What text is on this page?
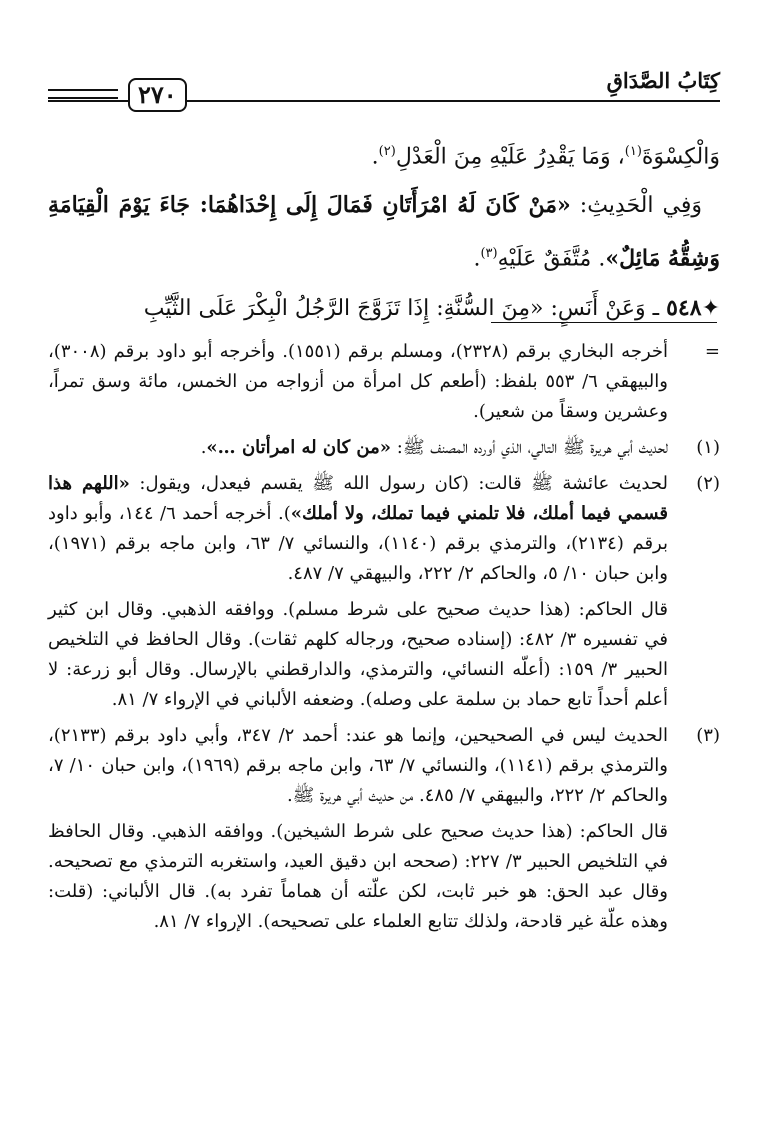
كِتَابُ الصَّدَاقِ
٢٧٠

وَالْكِسْوَةَ$^{(١)}$، وَمَا يَقْدِرُ عَلَيْهِ مِنَ الْعَدْلِ$^{(٢)}$.

وَفِي الْحَدِيثِ: «مَنْ كَانَ لَهُ امْرَأَتَانِ فَمَالَ إِلَى إِحْدَاهُمَا: جَاءَ يَوْمَ الْقِيَامَةِ وَشِقُّهُ مَائِلٌ». مُتَّفَقٌ عَلَيْهِ$^{(٣)}$.

✦٥٤٨ ـ وَعَنْ أَنَسٍ: «مِنَ السُّنَّةِ: إِذَا تَزَوَّجَ الرَّجُلُ الْبِكْرَ عَلَى الثَّيِّبِ

=

أخرجه البخاري برقم (٢٣٢٨)، ومسلم برقم (١٥٥١). وأخرجه أبو داود برقم (٣٠٠٨)، والبيهقي ٦/ ٥٥٣ بلفظ: (أطعم كل امرأة من أزواجه من الخمس، مائة وسق تمراً، وعشرين وسقاً من شعير).

(١)

لحديث أبي هريرة ﷺ التالي، الذي أورده المصنف ﷺ: «من كان له امرأتان …».

(٢)

لحديث عائشة ﷺ قالت: (كان رسول الله ﷺ يقسم فيعدل، ويقول: «اللهم هذا قسمي فيما أملك، فلا تلمني فيما تملك، ولا أملك»). أخرجه أحمد ٦/ ١٤٤، وأبو داود برقم (٢١٣٤)، والترمذي برقم (١١٤٠)، والنسائي ٧/ ٦٣، وابن ماجه برقم (١٩٧١)، وابن حبان ١٠/ ٥، والحاكم ٢/ ٢٢٢، والبيهقي ٧/ ٤٨٧.

قال الحاكم: (هذا حديث صحيح على شرط مسلم). ووافقه الذهبي. وقال ابن كثير في تفسيره ٣/ ٤٨٢: (إسناده صحيح، ورجاله كلهم ثقات). وقال الحافظ في التلخيص الحبير ٣/ ١٥٩: (أعلّه النسائي، والترمذي، والدارقطني بالإرسال. وقال أبو زرعة: لا أعلم أحداً تابع حماد بن سلمة على وصله). وضعفه الألباني في الإرواء ٧/ ٨١.

(٣)

الحديث ليس في الصحيحين، وإنما هو عند: أحمد ٢/ ٣٤٧، وأبي داود برقم (٢١٣٣)، والترمذي برقم (١١٤١)، والنسائي ٧/ ٦٣، وابن ماجه برقم (١٩٦٩)، وابن حبان ١٠/ ٧، والحاكم ٢/ ٢٢٢، والبيهقي ٧/ ٤٨٥. من حديث أبي هريرة ﷺ.

قال الحاكم: (هذا حديث صحيح على شرط الشيخين). ووافقه الذهبي. وقال الحافظ في التلخيص الحبير ٣/ ٢٢٧: (صححه ابن دقيق العيد، واستغربه الترمذي مع تصحيحه. وقال عبد الحق: هو خبر ثابت، لكن علّته أن هماماً تفرد به). قال الألباني: (قلت: وهذه علّة غير قادحة، ولذلك تتابع العلماء على تصحيحه). الإرواء ٧/ ٨١.
